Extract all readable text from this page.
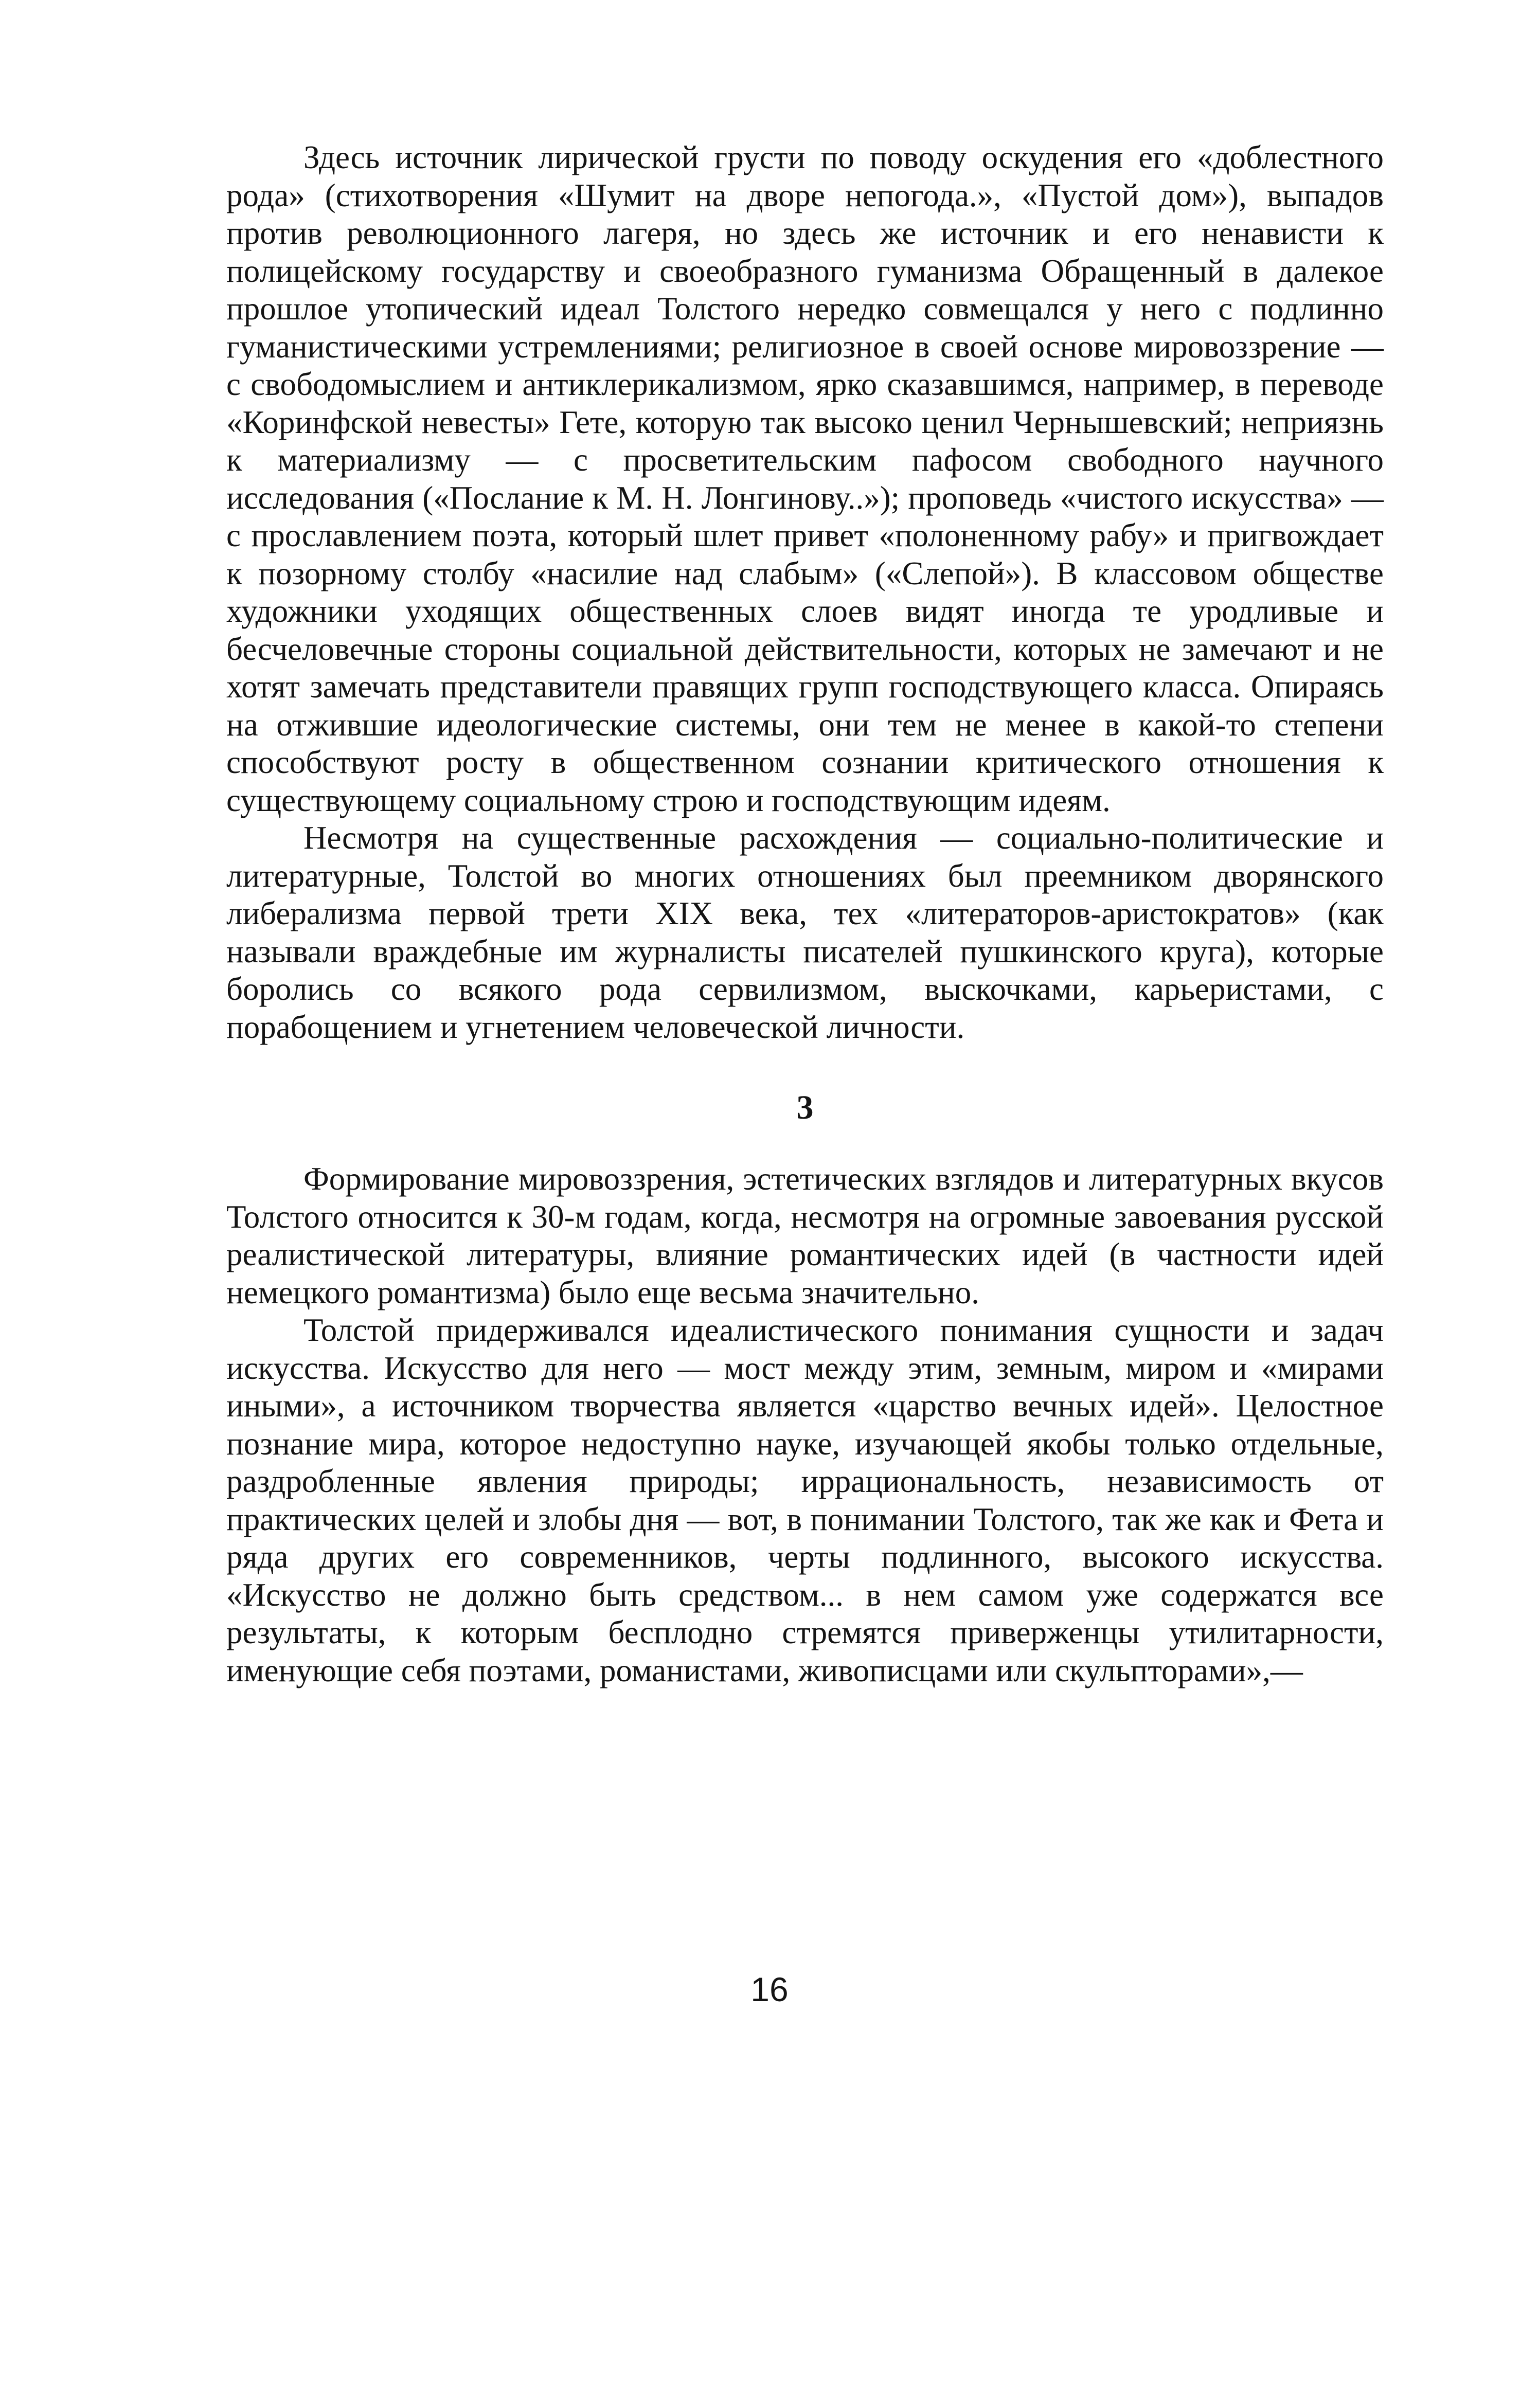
Здесь источник лирической грусти по поводу оскудения его «доблестного рода» (стихотворения «Шумит на дворе непогода.», «Пустой дом»), выпадов против революционного лагеря, но здесь же источник и его ненависти к полицейскому государству и своеобразного гуманизма Обращенный в далекое прошлое утопический идеал Толстого нередко совмещался у него с подлинно гуманистическими устремлениями; религиозное в своей основе мировоззрение — с свободомыслием и антиклерикализмом, ярко сказавшимся, например, в переводе «Коринфской невесты» Гете, которую так высоко ценил Чернышевский; неприязнь к материализму — с просветительским пафосом свободного научного исследования («Послание к М. Н. Лонгинову..»); проповедь «чистого искусства» — с прославлением поэта, который шлет привет «полоненному рабу» и пригвождает к позорному столбу «насилие над слабым» («Слепой»). В классовом обществе художники уходящих общественных слоев видят иногда те уродливые и бесчеловечные стороны социальной действительности, которых не замечают и не хотят замечать представители правящих групп господствующего класса. Опираясь на отжившие идеологические системы, они тем не менее в какой-то степени способствуют росту в общественном сознании критического отношения к существующему социальному строю и господствующим идеям.

Несмотря на существенные расхождения — социально-политические и литературные, Толстой во многих отношениях был преемником дворянского либерализма первой трети XIX века, тех «литераторов-аристократов» (как называли враждебные им журналисты писателей пушкинского круга), которые боролись со всякого рода сервилизмом, выскочками, карьеристами, с порабощением и угнетением человеческой личности.

3

Формирование мировоззрения, эстетических взглядов и литературных вкусов Толстого относится к 30-м годам, когда, несмотря на огромные завоевания русской реалистической литературы, влияние романтических идей (в частности идей немецкого романтизма) было еще весьма значительно.

Толстой придерживался идеалистического понимания сущности и задач искусства. Искусство для него — мост между этим, земным, миром и «мирами иными», а источником творчества является «царство вечных идей». Целостное познание мира, которое недоступно науке, изучающей якобы только отдельные, раздробленные явления природы; иррациональность, независимость от практических целей и злобы дня — вот, в понимании Толстого, так же как и Фета и ряда других его современников, черты подлинного, высокого искусства. «Искусство не должно быть средством... в нем самом уже содержатся все результаты, к которым бесплодно стремятся приверженцы утилитарности, именующие себя поэтами, романистами, живописцами или скульпторами»,—

16
